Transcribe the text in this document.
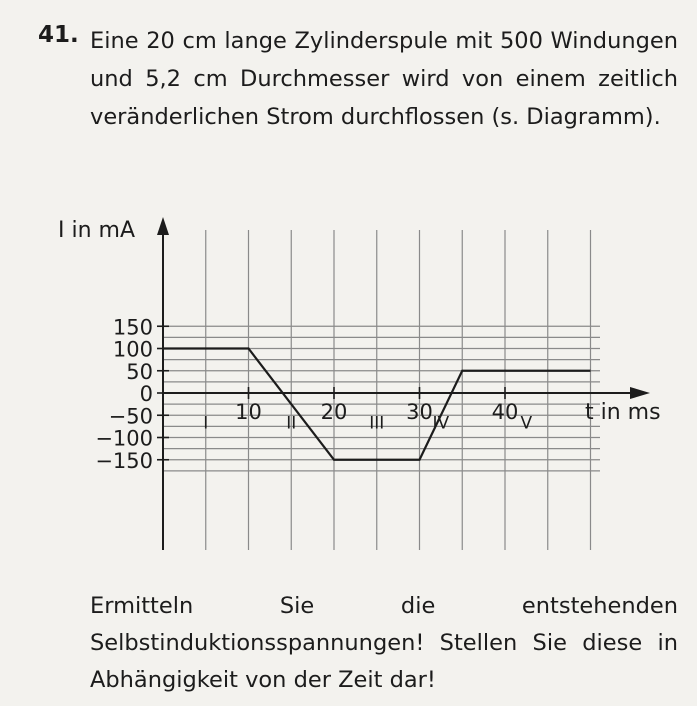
41. Eine 20 cm lange Zylinderspule mit 500 Windungen und 5,2 cm Durchmesser wird von einem zeitlich veränderlichen Strom durchflossen (s. Diagramm).
150
100
50
0
−50
−100
−150
10	20	30	40
I in mA
t in ms
I	II	III	IV	V
Ermitteln Sie die entstehenden Selbstinduktionsspannungen! Stellen Sie diese in Abhängigkeit von der Zeit dar!
